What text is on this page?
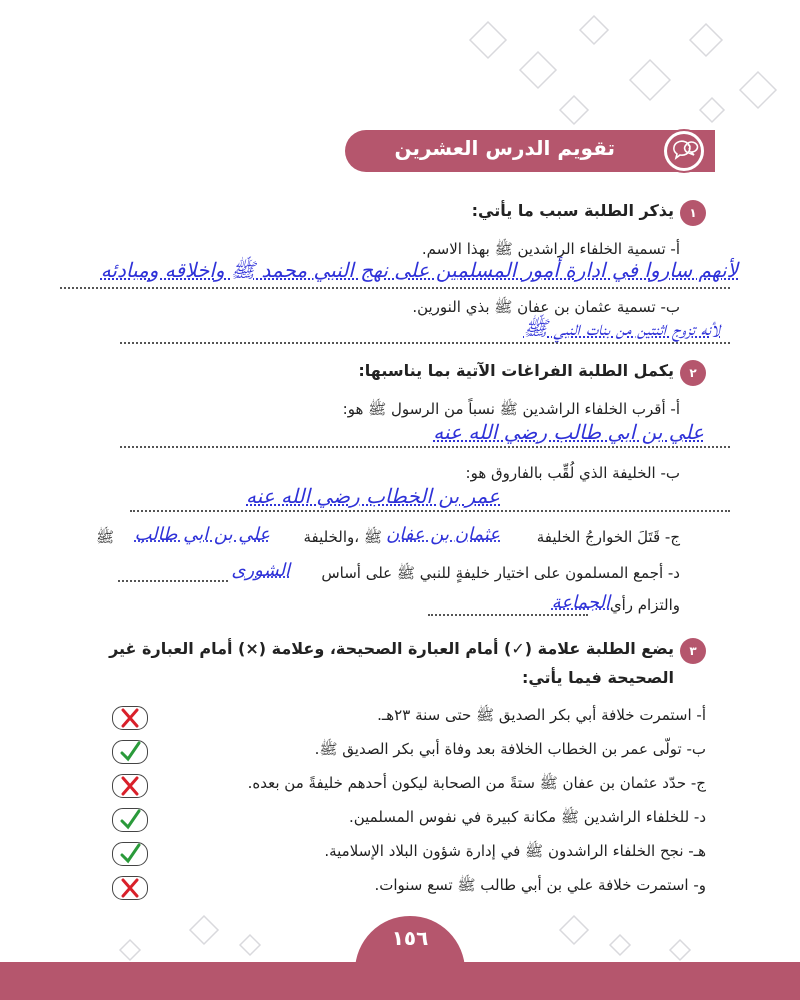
تقويم الدرس العشرين	?
١
يذكر الطلبة سبب ما يأتي:
أ- تسمية الخلفاء الراشدين ﷺ بهذا الاسم.
لأنهم ساروا في ادارة أمور المسلمين على نهج النبي محمد ﷺ واخلاقه ومبادئه
ب- تسمية عثمان بن عفان ﷺ بذي النورين.
لأنه تزوج اثنتين من بنات النبي ﷺ
٢
يكمل الطلبة الفراغات الآتية بما يناسبها:
أ- أقرب الخلفاء الراشدين ﷺ نسباً من الرسول ﷺ هو:
علي بن ابي طالب رضي الله عنه
ب- الخليفة الذي لُقِّب بالفاروق هو:
عمر بن الخطاب رضي الله عنه
ج- قَتَلَ الخوارجُ الخليفة
عثمان بن عفان
ﷺ ،والخليفة
علي بن ابي طالب
ﷺ
د- أجمع المسلمون على اختيار خليفةٍ للنبي ﷺ على أساس
الشورى
والتزام رأي
الجماعة
٣
يضع الطلبة علامة (✓) أمام العبارة الصحيحة، وعلامة (×) أمام العبارة غير
الصحيحة فيما يأتي:
أ- استمرت خلافة أبي بكر الصديق ﷺ حتى سنة ٢٣هـ.
ب- تولّى عمر بن الخطاب الخلافة بعد وفاة أبي بكر الصديق ﷺ.
ج- حدّد عثمان بن عفان ﷺ ستةً من الصحابة ليكون أحدهم خليفةً من بعده.
د- للخلفاء الراشدين ﷺ مكانة كبيرة في نفوس المسلمين.
هـ- نجح الخلفاء الراشدون ﷺ في إدارة شؤون البلاد الإسلامية.
و- استمرت خلافة علي بن أبي طالب ﷺ تسع سنوات.
١٥٦
